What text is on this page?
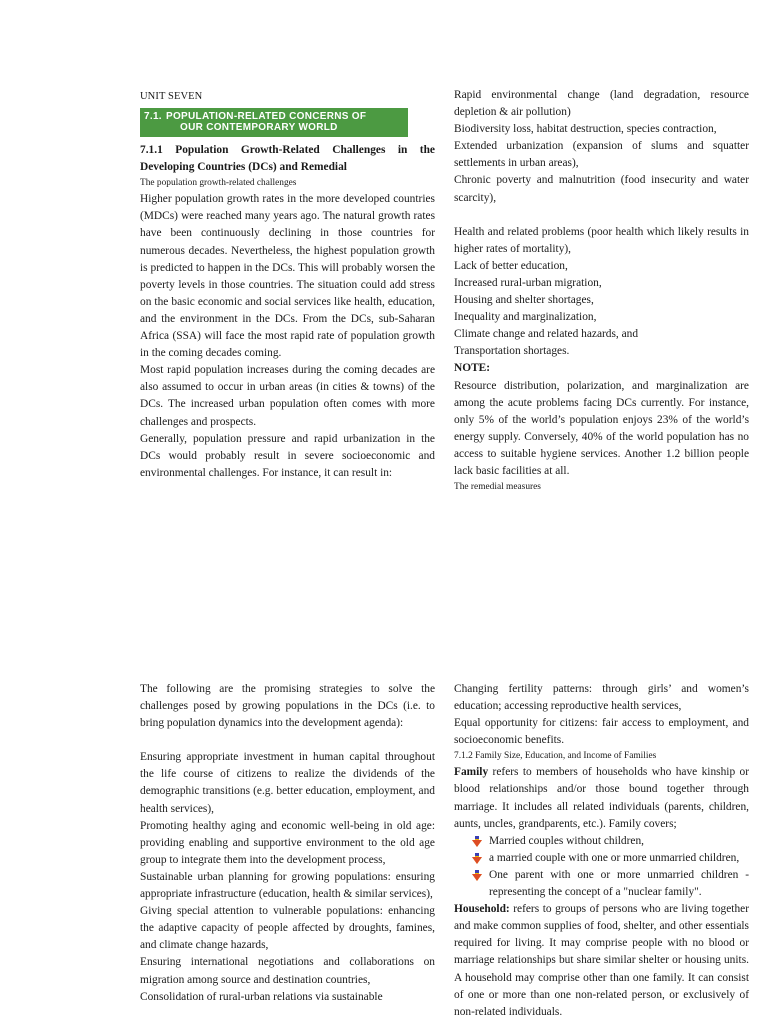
UNIT SEVEN
7.1. POPULATION-RELATED CONCERNS OF
OUR CONTEMPORARY WORLD

7.1.1 Population Growth-Related Challenges in the Developing Countries (DCs) and Remedial

The population growth-related challenges

Higher population growth rates in the more developed countries (MDCs) were reached many years ago. The natural growth rates have been continuously declining in those countries for numerous decades. Nevertheless, the highest population growth is predicted to happen in the DCs. This will probably worsen the poverty levels in those countries. The situation could add stress on the basic economic and social services like health, education, and the environment in the DCs. From the DCs, sub-Saharan Africa (SSA) will face the most rapid rate of population growth in the coming decades coming.

Most rapid population increases during the coming decades are also assumed to occur in urban areas (in cities & towns) of the DCs. The increased urban population often comes with more challenges and prospects.

Generally, population pressure and rapid urbanization in the DCs would probably result in severe socioeconomic and environmental challenges. For instance, it can result in:

Rapid environmental change (land degradation, resource depletion & air pollution)

Biodiversity loss, habitat destruction, species contraction,

Extended urbanization (expansion of slums and squatter settlements in urban areas),

Chronic poverty and malnutrition (food insecurity and water scarcity),

Health and related problems (poor health which likely results in higher rates of mortality),

Lack of better education,

Increased rural-urban migration,

Housing and shelter shortages,

Inequality and marginalization,

Climate change and related hazards, and

Transportation shortages.

NOTE:

Resource distribution, polarization, and marginalization are among the acute problems facing DCs currently. For instance, only 5% of the world’s population enjoys 23% of the world’s energy supply. Conversely, 40% of the world population has no access to suitable hygiene services. Another 1.2 billion people lack basic facilities at all.

The remedial measures

The following are the promising strategies to solve the challenges posed by growing populations in the DCs (i.e. to bring population dynamics into the development agenda):

Ensuring appropriate investment in human capital throughout the life course of citizens to realize the dividends of the demographic transitions (e.g. better education, employment, and health services),

Promoting healthy aging and economic well-being in old age: providing enabling and supportive environment to the old age group to integrate them into the development process,

Sustainable urban planning for growing populations: ensuring appropriate infrastructure (education, health & similar services),

Giving special attention to vulnerable populations: enhancing the adaptive capacity of people affected by droughts, famines, and climate change hazards,

Ensuring international negotiations and collaborations on migration among source and destination countries,

Consolidation of rural-urban relations via sustainable

Changing fertility patterns: through girls’ and women’s education; accessing reproductive health services,

Equal opportunity for citizens: fair access to employment, and socioeconomic benefits.

7.1.2 Family Size, Education, and Income of Families

Family refers to members of households who have kinship or blood relationships and/or those bound together through marriage. It includes all related individuals (parents, children, aunts, uncles, grandparents, etc.). Family covers;

Married couples without children,
a married couple with one or more unmarried children,
One parent with one or more unmarried children - representing the concept of a "nuclear family".

Household: refers to groups of persons who are living together and make common supplies of food, shelter, and other essentials required for living. It may comprise people with no blood or marriage relationships but share similar shelter or housing units. A household may comprise other than one family. It can consist of one or more than one non-related person, or exclusively of non-related individuals.
